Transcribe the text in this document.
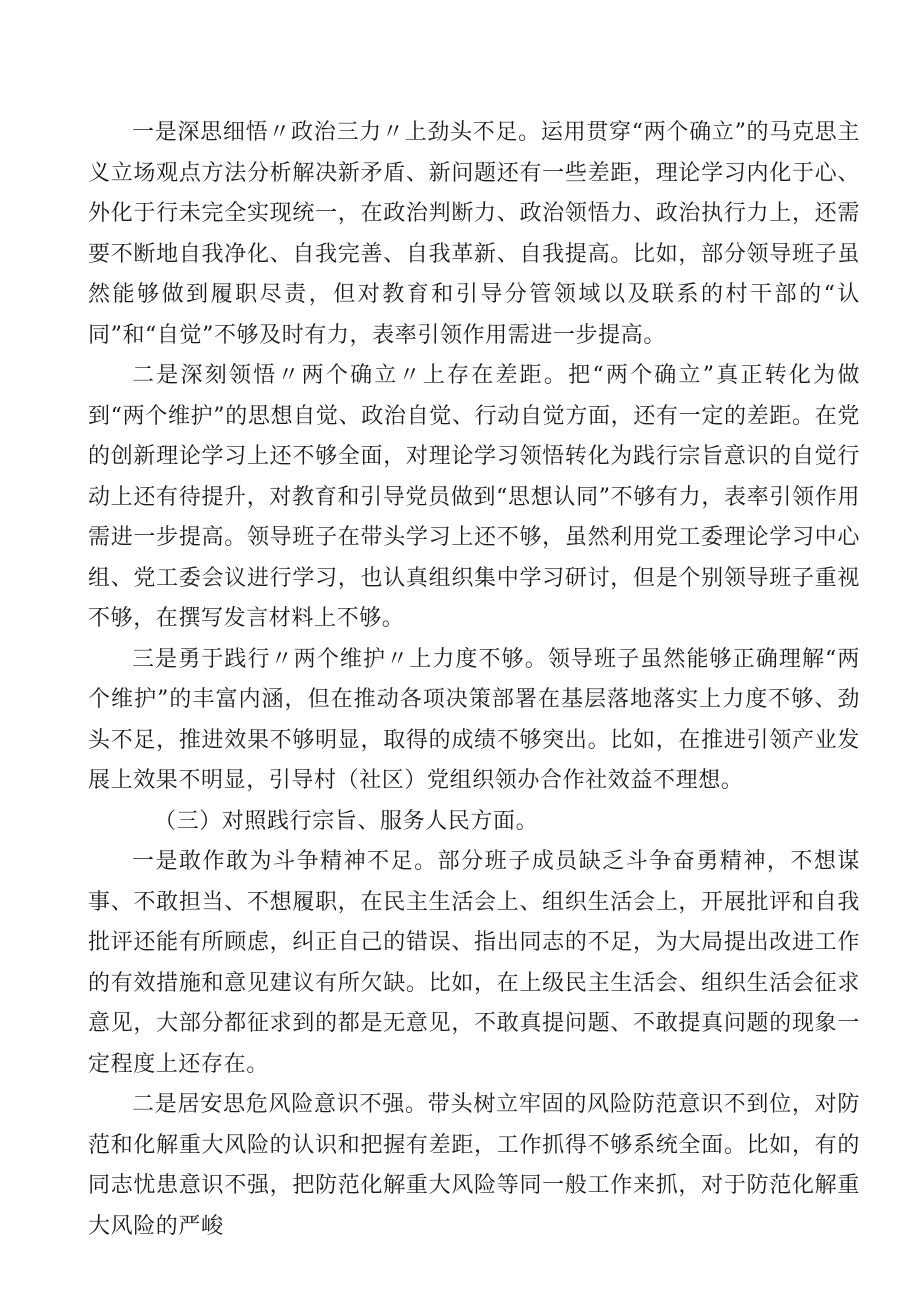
一是深思细悟〃政治三力〃上劲头不足。运用贯穿“两个确立”的马克思主义立场观点方法分析解决新矛盾、新问题还有一些差距，理论学习内化于心、外化于行未完全实现统一，在政治判断力、政治领悟力、政治执行力上，还需要不断地自我净化、自我完善、自我革新、自我提高。比如，部分领导班子虽然能够做到履职尽责，但对教育和引导分管领域以及联系的村干部的“认同”和“自觉”不够及时有力，表率引领作用需进一步提高。

二是深刻领悟〃两个确立〃上存在差距。把“两个确立”真正转化为做到“两个维护”的思想自觉、政治自觉、行动自觉方面，还有一定的差距。在党的创新理论学习上还不够全面，对理论学习领悟转化为践行宗旨意识的自觉行动上还有待提升，对教育和引导党员做到“思想认同”不够有力，表率引领作用需进一步提高。领导班子在带头学习上还不够，虽然利用党工委理论学习中心组、党工委会议进行学习，也认真组织集中学习研讨，但是个别领导班子重视不够，在撰写发言材料上不够。

三是勇于践行〃两个维护〃上力度不够。领导班子虽然能够正确理解“两个维护”的丰富内涵，但在推动各项决策部署在基层落地落实上力度不够、劲头不足，推进效果不够明显，取得的成绩不够突出。比如，在推进引领产业发展上效果不明显，引导村（社区）党组织领办合作社效益不理想。

（三）对照践行宗旨、服务人民方面。

一是敢作敢为斗争精神不足。部分班子成员缺乏斗争奋勇精神，不想谋事、不敢担当、不想履职，在民主生活会上、组织生活会上，开展批评和自我批评还能有所顾虑，纠正自己的错误、指出同志的不足，为大局提出改进工作的有效措施和意见建议有所欠缺。比如，在上级民主生活会、组织生活会征求意见，大部分都征求到的都是无意见，不敢真提问题、不敢提真问题的现象一定程度上还存在。

二是居安思危风险意识不强。带头树立牢固的风险防范意识不到位，对防范和化解重大风险的认识和把握有差距，工作抓得不够系统全面。比如，有的同志忧患意识不强，把防范化解重大风险等同一般工作来抓，对于防范化解重大风险的严峻
